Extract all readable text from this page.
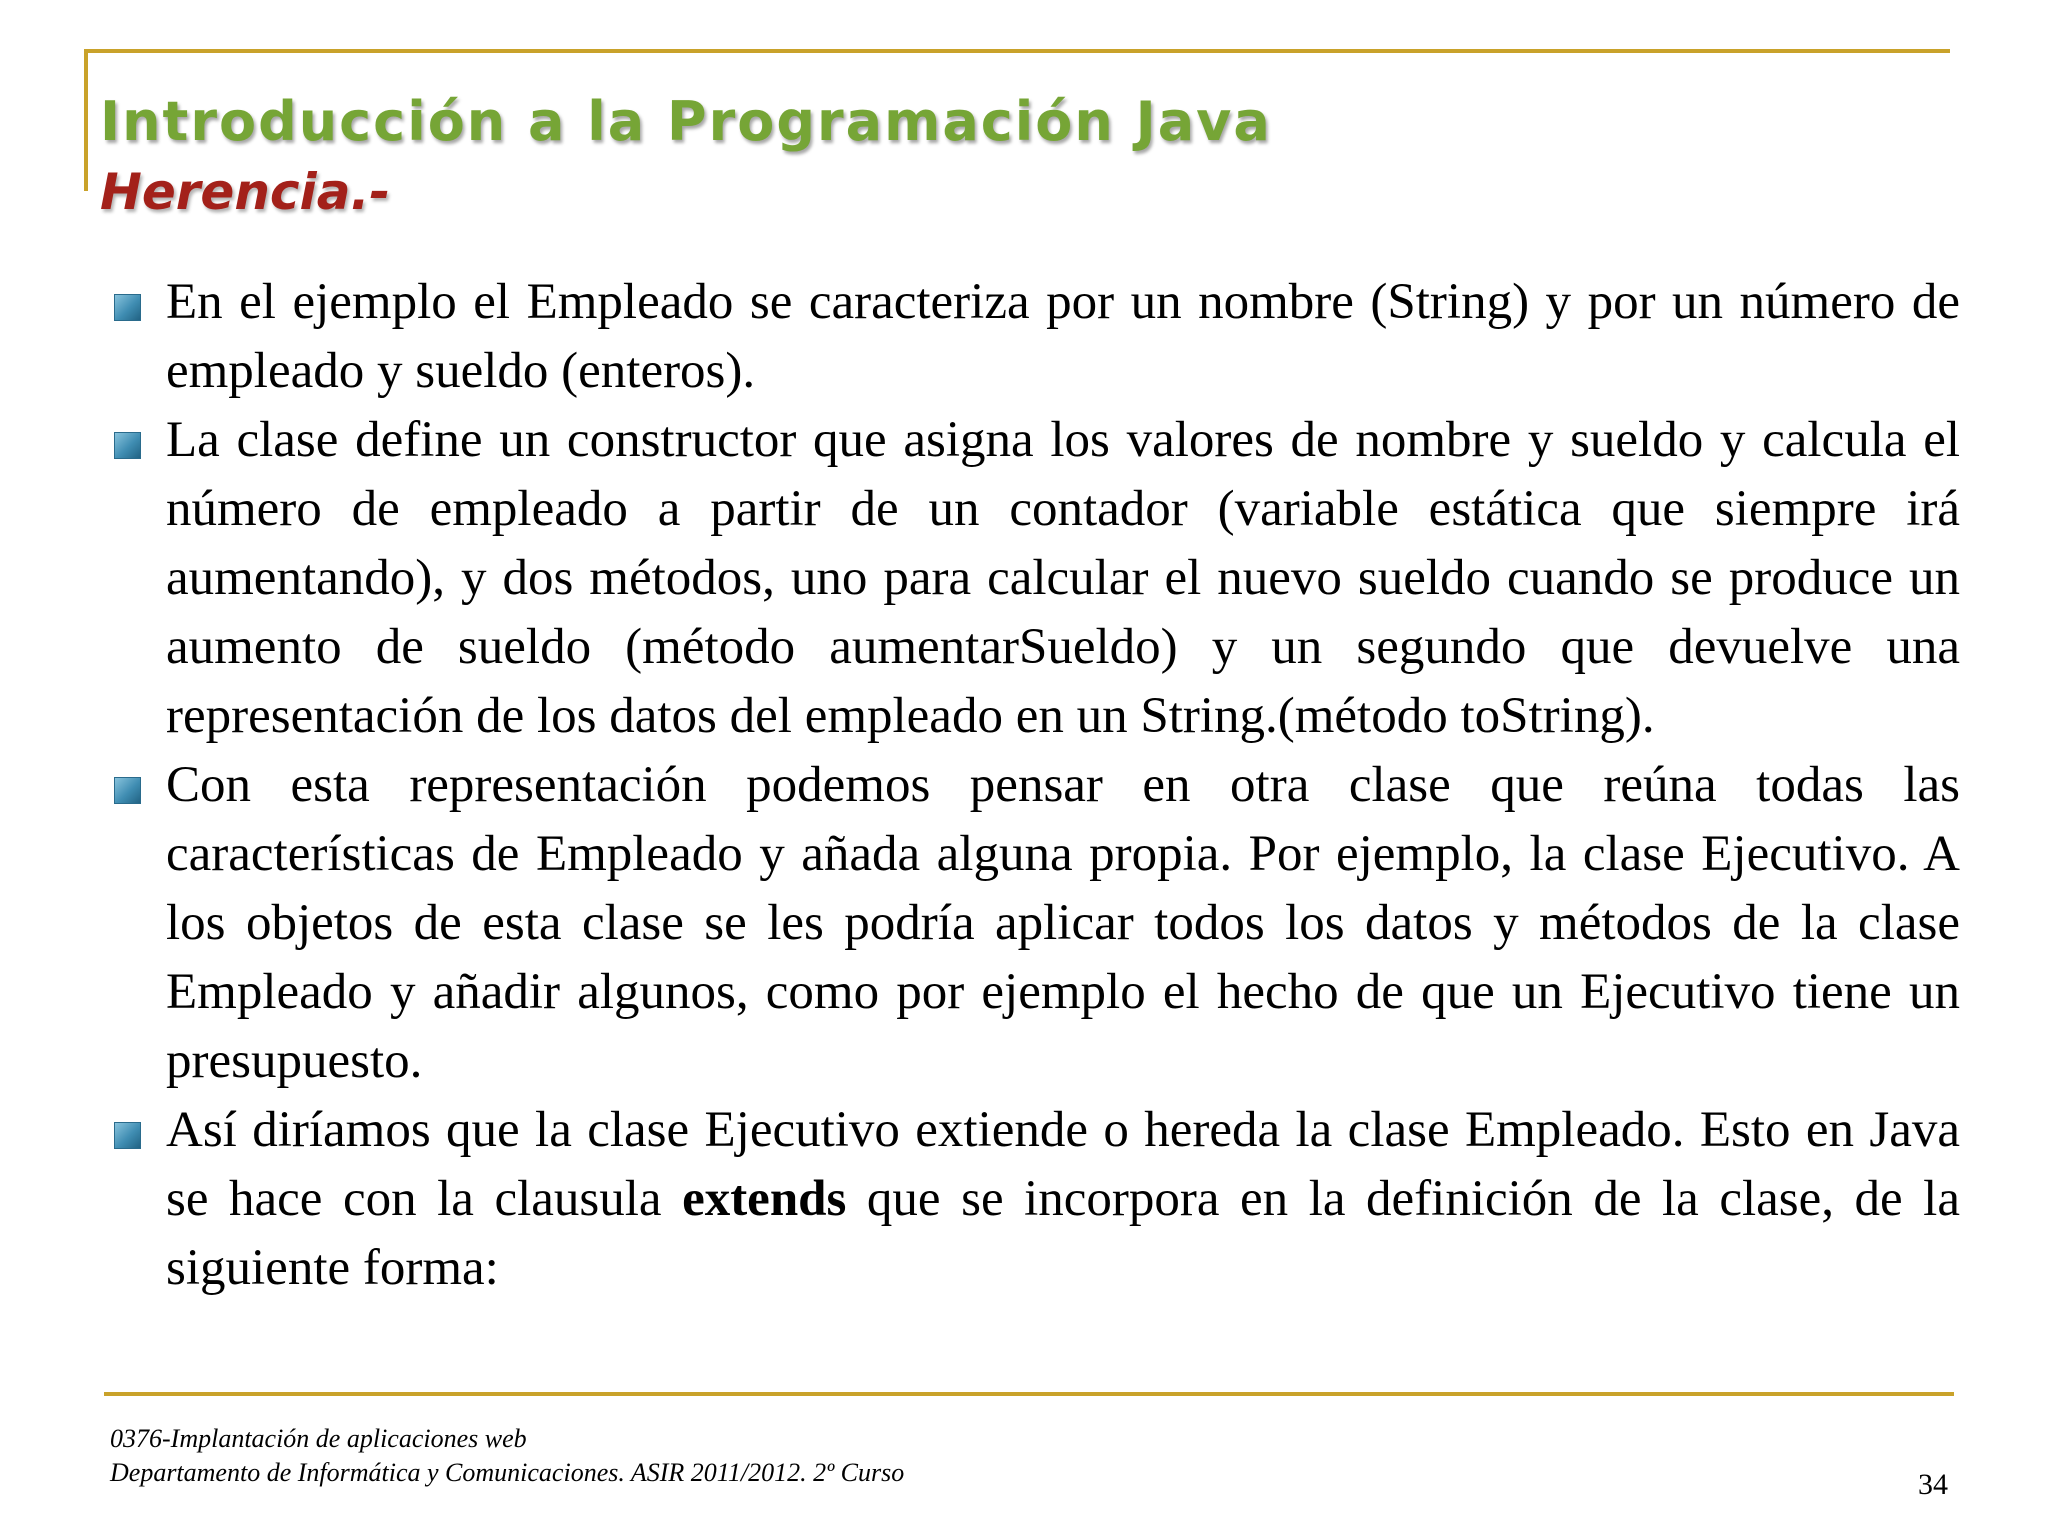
Introducción a la Programación Java
Herencia.-
En el ejemplo el Empleado se caracteriza por un nombre (String) y por un número de empleado y sueldo (enteros).
La clase define un constructor que asigna los valores de nombre y sueldo y calcula el número de empleado a partir de un contador (variable estática que siempre irá aumentando), y dos métodos, uno para calcular el nuevo sueldo cuando se produce un aumento de sueldo (método aumentarSueldo) y un segundo que devuelve una representación de los datos del empleado en un String.(método toString).
Con esta representación podemos pensar en otra clase que reúna todas las características de Empleado y añada alguna propia. Por ejemplo, la clase Ejecutivo. A los objetos de esta clase se les podría aplicar todos los datos y métodos de la clase Empleado y añadir algunos, como por ejemplo el hecho de que un Ejecutivo tiene un presupuesto.
Así diríamos que la clase Ejecutivo extiende o hereda la clase Empleado. Esto en Java se hace con la clausula extends que se incorpora en la definición de la clase, de la siguiente forma:

0376-Implantación de aplicaciones web

Departamento de Informática y Comunicaciones. ASIR 2011/2012. 2º Curso	34
